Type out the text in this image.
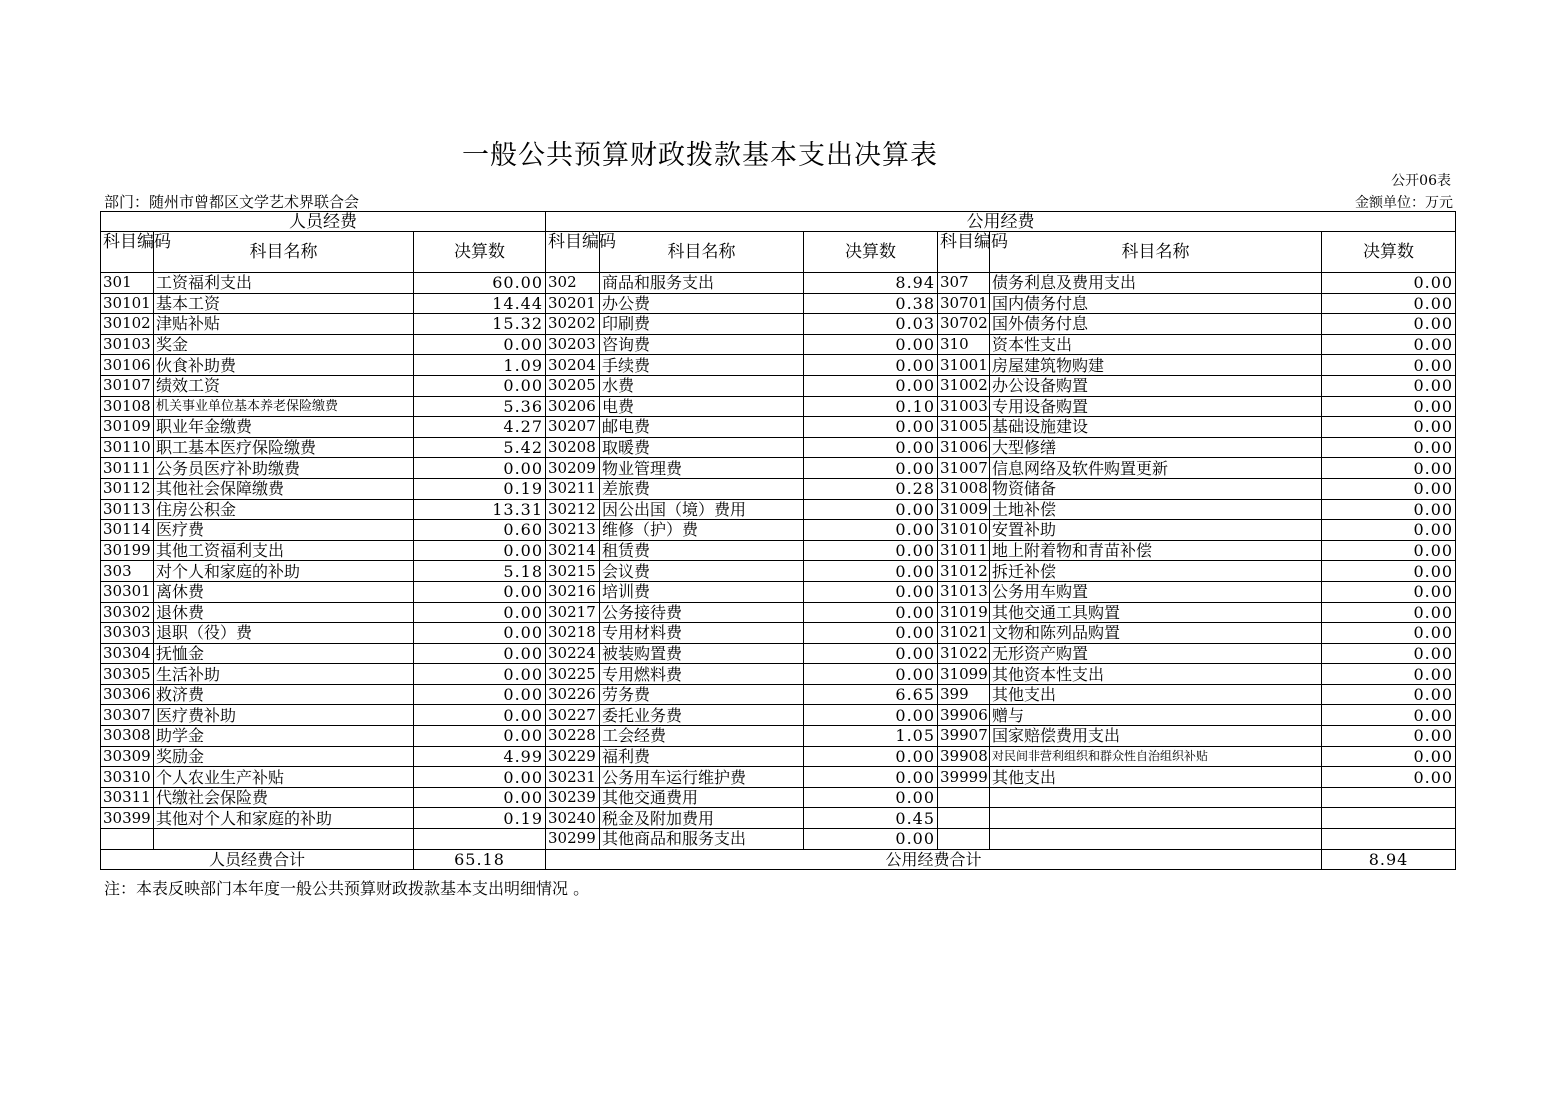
一般公共预算财政拨款基本支出决算表
公开06表
部门：随州市曾都区文学艺术界联合会	金额单位：万元
人员经费			公用经费					
科目编码	科目名称	决算数	科目编码	科目名称	决算数	科目编码	科目名称	决算数
301	工资福利支出	60.00	302	商品和服务支出	8.94	307	债务利息及费用支出	0.00
30101	基本工资	14.44	30201	办公费	0.38	30701	国内债务付息	0.00
30102	津贴补贴	15.32	30202	印刷费	0.03	30702	国外债务付息	0.00
30103	奖金	0.00	30203	咨询费	0.00	310	资本性支出	0.00
30106	伙食补助费	1.09	30204	手续费	0.00	31001	房屋建筑物购建	0.00
30107	绩效工资	0.00	30205	水费	0.00	31002	办公设备购置	0.00
30108	机关事业单位基本养老保险缴费	5.36	30206	电费	0.10	31003	专用设备购置	0.00
30109	职业年金缴费	4.27	30207	邮电费	0.00	31005	基础设施建设	0.00
30110	职工基本医疗保险缴费	5.42	30208	取暖费	0.00	31006	大型修缮	0.00
30111	公务员医疗补助缴费	0.00	30209	物业管理费	0.00	31007	信息网络及软件购置更新	0.00
30112	其他社会保障缴费	0.19	30211	差旅费	0.28	31008	物资储备	0.00
30113	住房公积金	13.31	30212	因公出国（境）费用	0.00	31009	土地补偿	0.00
30114	医疗费	0.60	30213	维修（护）费	0.00	31010	安置补助	0.00
30199	其他工资福利支出	0.00	30214	租赁费	0.00	31011	地上附着物和青苗补偿	0.00
303	对个人和家庭的补助	5.18	30215	会议费	0.00	31012	拆迁补偿	0.00
30301	离休费	0.00	30216	培训费	0.00	31013	公务用车购置	0.00
30302	退休费	0.00	30217	公务接待费	0.00	31019	其他交通工具购置	0.00
30303	退职（役）费	0.00	30218	专用材料费	0.00	31021	文物和陈列品购置	0.00
30304	抚恤金	0.00	30224	被装购置费	0.00	31022	无形资产购置	0.00
30305	生活补助	0.00	30225	专用燃料费	0.00	31099	其他资本性支出	0.00
30306	救济费	0.00	30226	劳务费	6.65	399	其他支出	0.00
30307	医疗费补助	0.00	30227	委托业务费	0.00	39906	赠与	0.00
30308	助学金	0.00	30228	工会经费	1.05	39907	国家赔偿费用支出	0.00
30309	奖励金	4.99	30229	福利费	0.00	39908	对民间非营利组织和群众性自治组织补贴	0.00
30310	个人农业生产补贴	0.00	30231	公务用车运行维护费	0.00	39999	其他支出	0.00
30311	代缴社会保险费	0.00	30239	其他交通费用	0.00			
30399	其他对个人和家庭的补助	0.19	30240	税金及附加费用	0.45			
			30299	其他商品和服务支出	0.00			
人员经费合计		65.18	公用经费合计					8.94
注：本表反映部门本年度一般公共预算财政拨款基本支出明细情况 。
